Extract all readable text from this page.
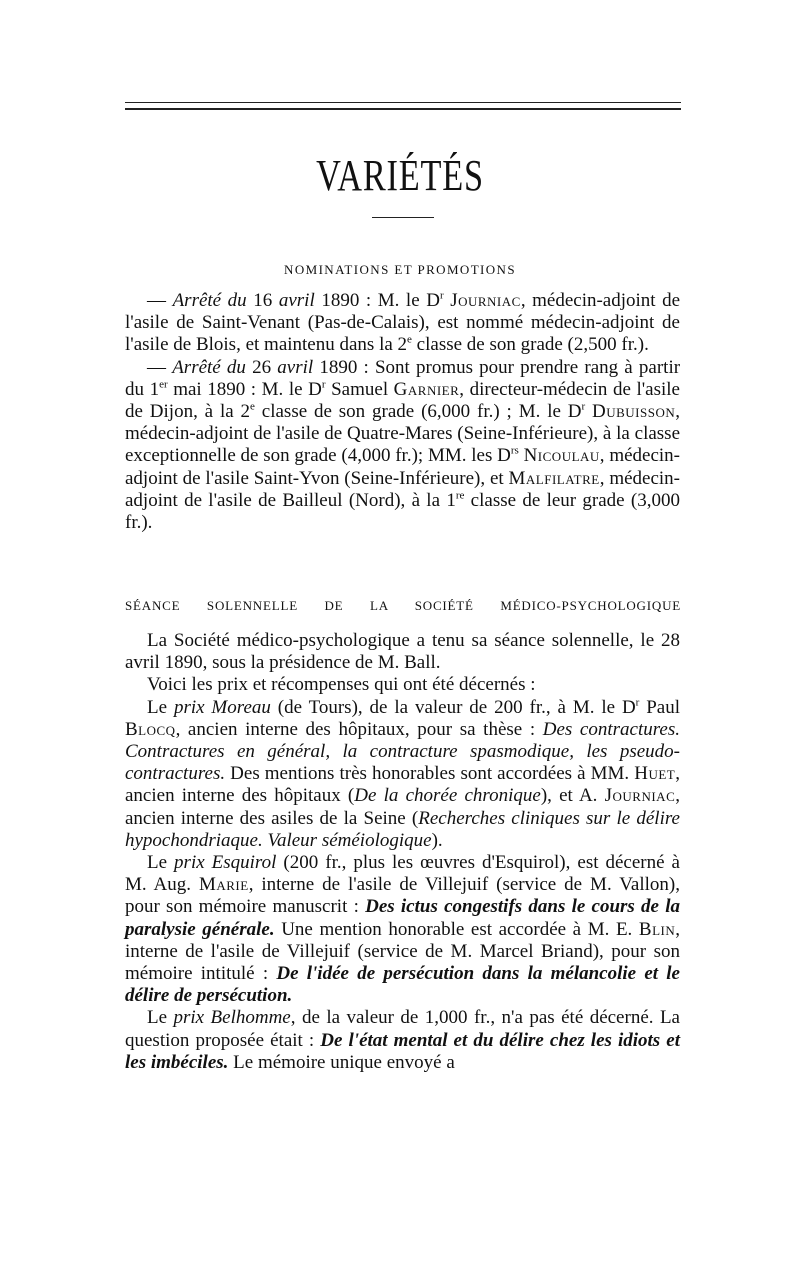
VARIÉTÉS
NOMINATIONS ET PROMOTIONS

— Arrêté du 16 avril 1890 : M. le $D^r$ Journiac, médecin-adjoint de l'asile de Saint-Venant (Pas-de-Calais), est nommé médecin-adjoint de l'asile de Blois, et maintenu dans la 2e classe de son grade (2,500 fr.).

— Arrêté du 26 avril 1890 : Sont promus pour prendre rang à partir du 1er mai 1890 : M. le $D^r$ Samuel Garnier, directeur-médecin de l'asile de Dijon, à la 2e classe de son grade (6,000 fr.) ; M. le $D^r$ Dubuisson, médecin-adjoint de l'asile de Quatre-Mares (Seine-Inférieure), à la classe exceptionnelle de son grade (4,000 fr.); MM. les $D^{rs}$ Nicoulau, médecin-adjoint de l'asile Saint-Yvon (Seine-Inférieure), et Malfilatre, médecin-adjoint de l'asile de Bailleul (Nord), à la 1re classe de leur grade (3,000 fr.).

SÉANCE SOLENNELLE DE LA SOCIÉTÉ MÉDICO-PSYCHOLOGIQUE

La Société médico-psychologique a tenu sa séance solennelle, le 28 avril 1890, sous la présidence de M. Ball.

Voici les prix et récompenses qui ont été décernés :

Le prix Moreau (de Tours), de la valeur de 200 fr., à M. le $D^r$ Paul Blocq, ancien interne des hôpitaux, pour sa thèse : Des contractures. Contractures en général, la contracture spasmodique, les pseudo-contractures. Des mentions très honorables sont accordées à MM. Huet, ancien interne des hôpitaux (De la chorée chronique), et A. Journiac, ancien interne des asiles de la Seine (Recherches cliniques sur le délire hypochondriaque. Valeur séméiologique).

Le prix Esquirol (200 fr., plus les œuvres d'Esquirol), est décerné à M. Aug. Marie, interne de l'asile de Villejuif (service de M. Vallon), pour son mémoire manuscrit : Des ictus congestifs dans le cours de la paralysie générale. Une mention honorable est accordée à M. E. Blin, interne de l'asile de Villejuif (service de M. Marcel Briand), pour son mémoire intitulé : De l'idée de persécution dans la mélancolie et le délire de persécution.

Le prix Belhomme, de la valeur de 1,000 fr., n'a pas été décerné. La question proposée était : De l'état mental et du délire chez les idiots et les imbéciles. Le mémoire unique envoyé a
